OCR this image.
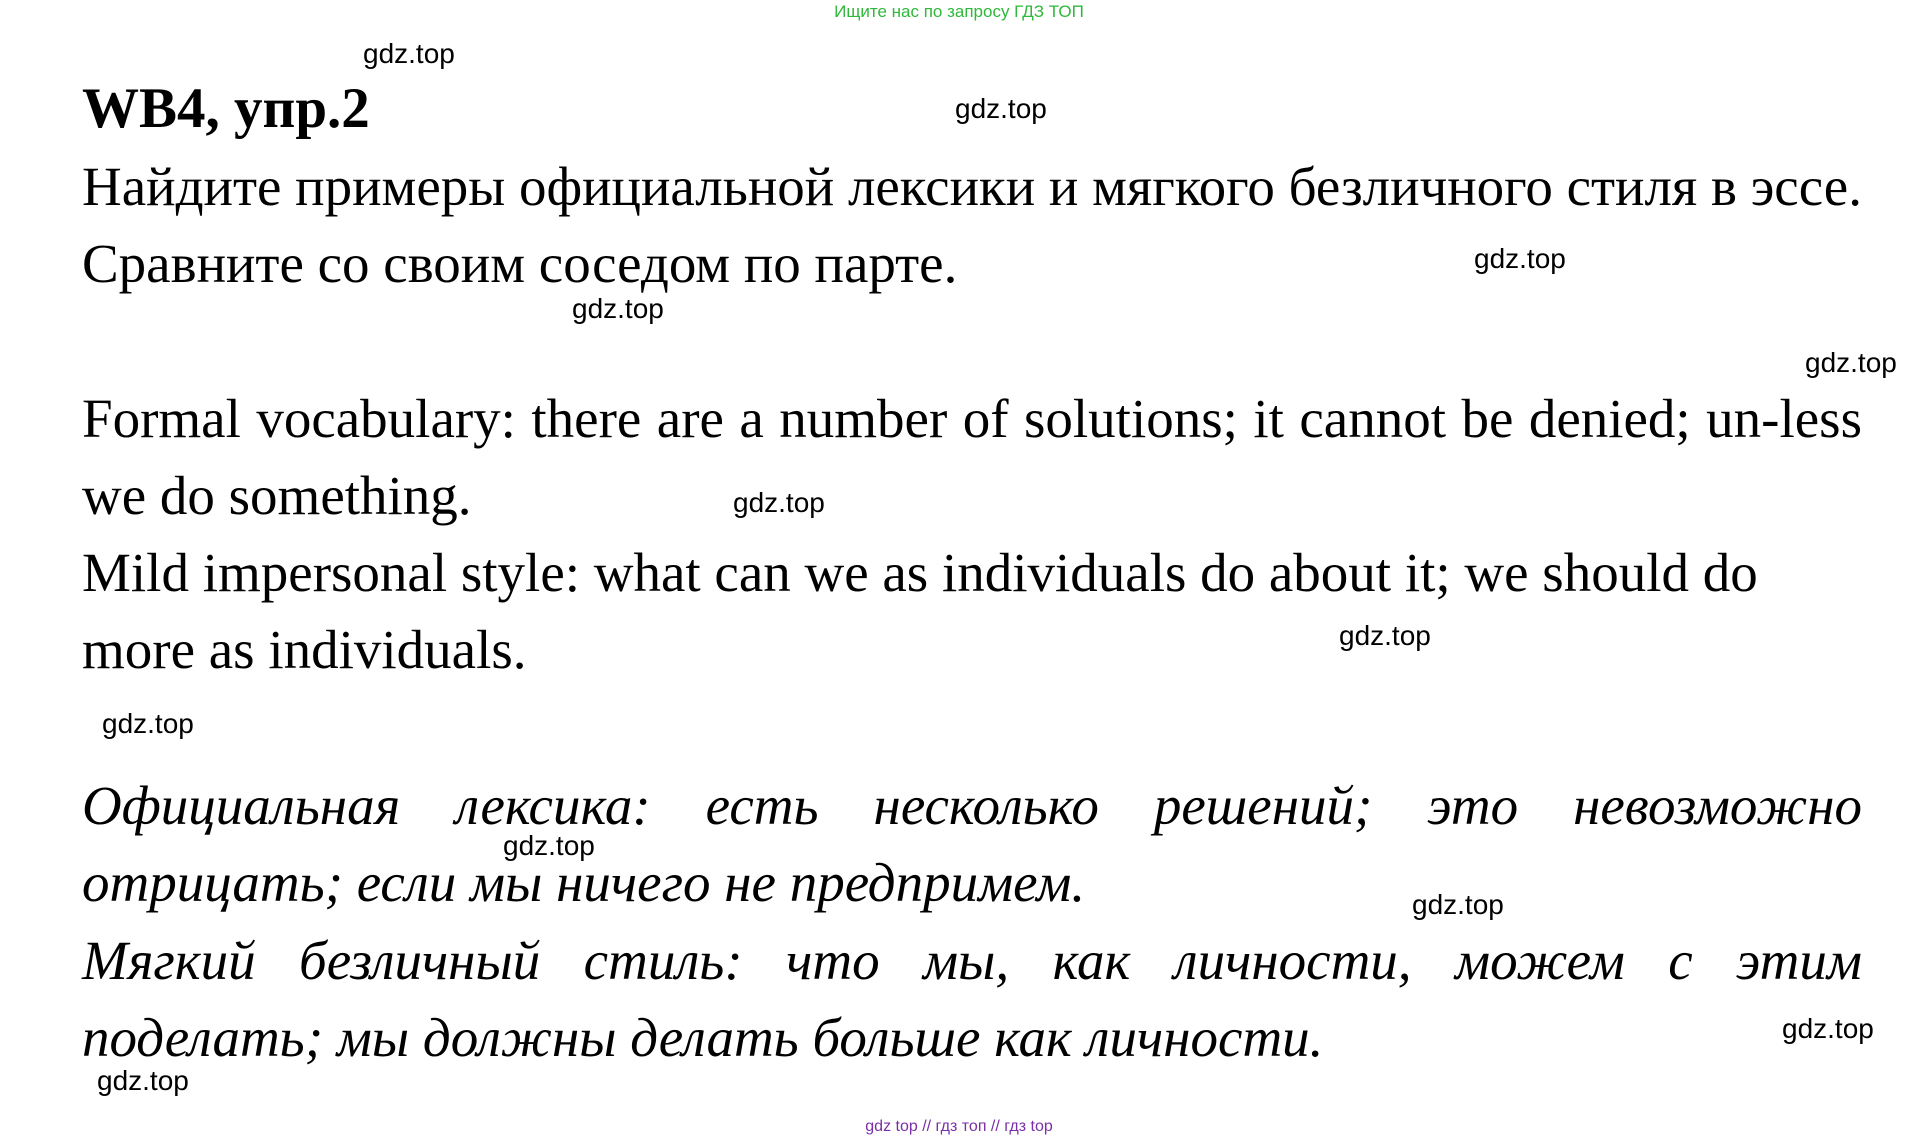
Ищите нас по запросу ГДЗ ТОП
WB4, упр.2

Найдите примеры официальной лексики и мягкого безличного стиля в эссе. Сравните со своим соседом по парте.

Formal vocabulary: there are a number of solutions; it cannot be denied; un-less we do something.

Mild impersonal style: what can we as individuals do about it; we should do more as individuals.

Официальная лексика: есть несколько решений; это невозможно

отрицать; если мы ничего не предпримем.

Мягкий безличный стиль: что мы, как личности, можем с этим

поделать; мы должны делать больше как личности.

gdz.top
gdz.top
gdz.top
gdz.top
gdz.top
gdz.top
gdz.top
gdz.top
gdz.top
gdz.top
gdz.top
gdz.top
gdz top // гдз топ // гдз top
